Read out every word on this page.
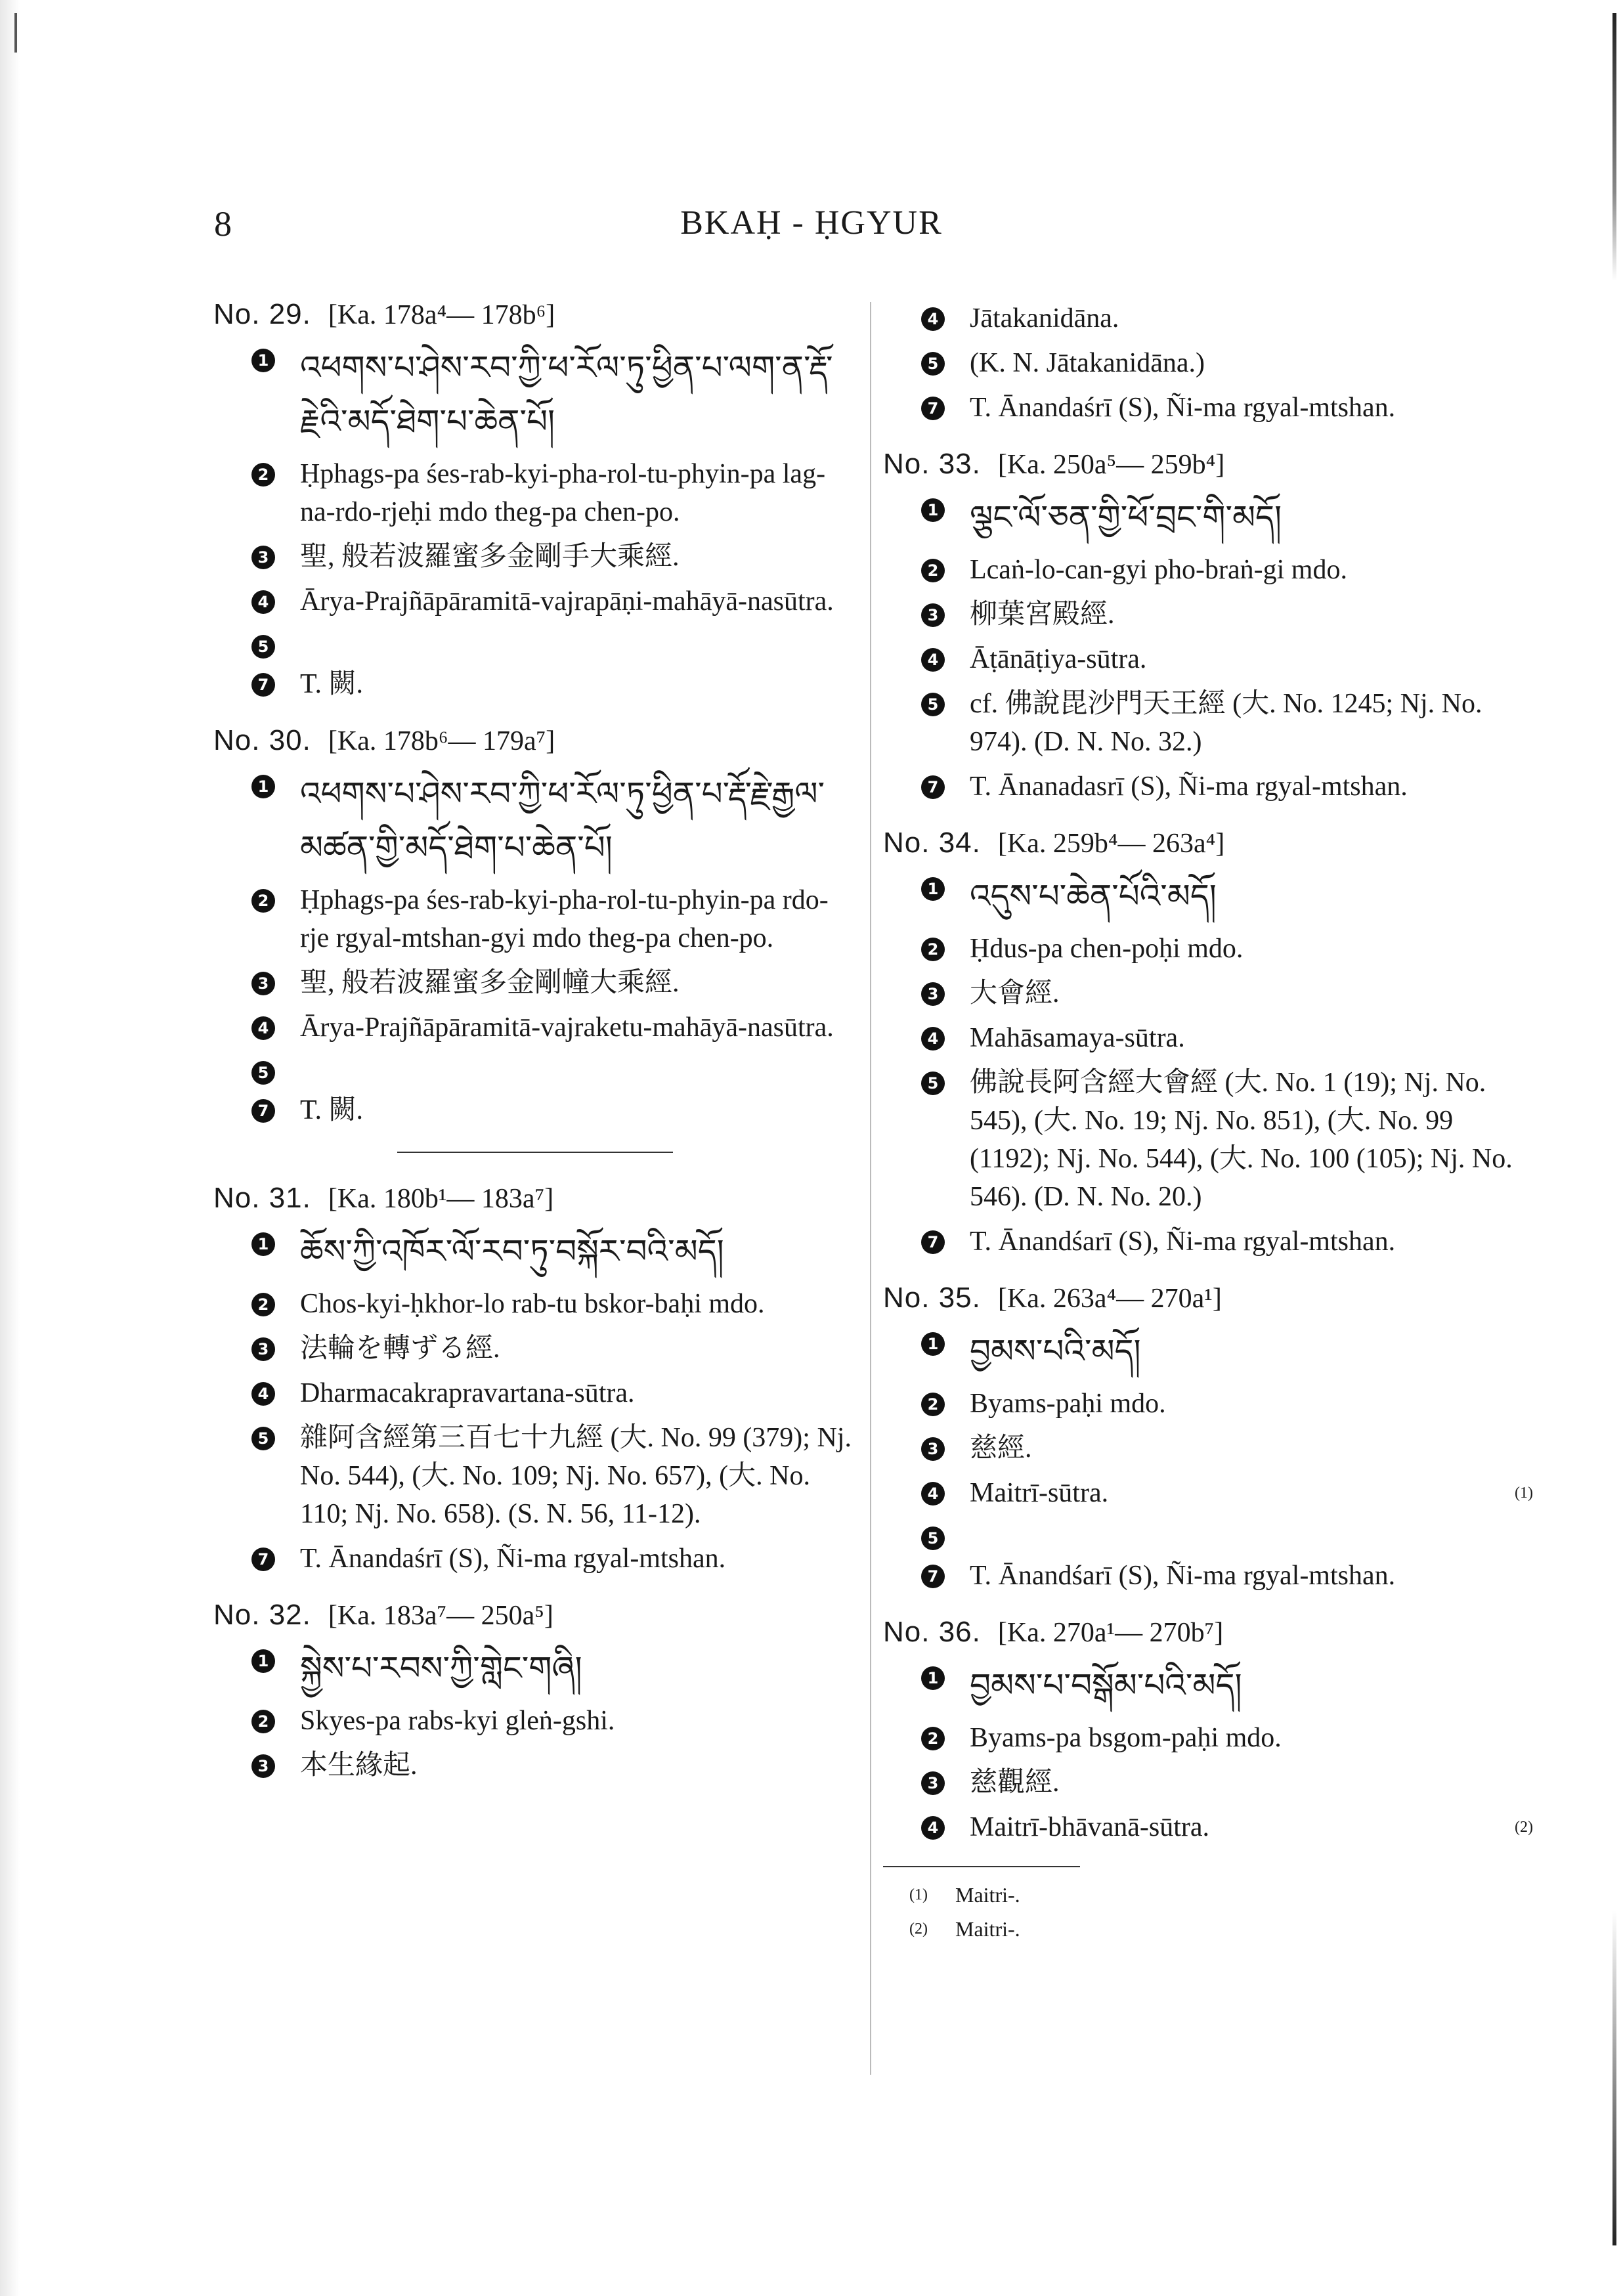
8	BKAḤ - ḤGYUR
No. 29. [Ka. 178a⁴— 178b⁶]
1 འཕགས་པ་ཤེས་རབ་ཀྱི་ཕ་རོལ་ཏུ་ཕྱིན་པ་ལག་ན་རྡོ་རྗེའི་མདོ་ཐེག་པ་ཆེན་པོ།
2 Ḥphags-pa śes-rab-kyi-pha-rol-tu-phyin-pa lag-na-rdo-rjeḥi mdo theg-pa chen-po.
3 聖, 般若波羅蜜多金剛手大乘經.
4 Ārya-Prajñāpāramitā-vajrapāṇi-mahāyā-nasūtra.
5
7 T. 闕.
No. 30. [Ka. 178b⁶— 179a⁷]
1 འཕགས་པ་ཤེས་རབ་ཀྱི་ཕ་རོལ་ཏུ་ཕྱིན་པ་རྡོ་རྗེ་རྒྱལ་མཚན་གྱི་མདོ་ཐེག་པ་ཆེན་པོ།
2 Ḥphags-pa śes-rab-kyi-pha-rol-tu-phyin-pa rdo-rje rgyal-mtshan-gyi mdo theg-pa chen-po.
3 聖, 般若波羅蜜多金剛幢大乘經.
4 Ārya-Prajñāpāramitā-vajraketu-mahāyā-nasūtra.
5
7 T. 闕.
No. 31. [Ka. 180b¹— 183a⁷]
1 ཆོས་ཀྱི་འཁོར་ལོ་རབ་ཏུ་བསྐོར་བའི་མདོ།
2 Chos-kyi-ḥkhor-lo rab-tu bskor-baḥi mdo.
3 法輪を轉ずる經.
4 Dharmacakrapravartana-sūtra.
5 雜阿含經第三百七十九經 (大. No. 99 (379); Nj. No. 544), (大. No. 109; Nj. No. 657), (大. No. 110; Nj. No. 658). (S. N. 56, 11-12).
7 T. Ānandaśrī (S), Ñi-ma rgyal-mtshan.
No. 32. [Ka. 183a⁷— 250a⁵]
1 སྐྱེས་པ་རབས་ཀྱི་གླེང་གཞི།
2 Skyes-pa rabs-kyi gleṅ-gshi.
3 本生緣起.
4 Jātakanidāna.
5 (K. N. Jātakanidāna.)
7 T. Ānandaśrī (S), Ñi-ma rgyal-mtshan.
No. 33. [Ka. 250a⁵— 259b⁴]
1 ལྕང་ལོ་ཅན་གྱི་ཕོ་བྲང་གི་མདོ།
2 Lcaṅ-lo-can-gyi pho-braṅ-gi mdo.
3 柳葉宮殿經.
4 Āṭānāṭiya-sūtra.
5 cf. 佛說毘沙門天王經 (大. No. 1245; Nj. No. 974). (D. N. No. 32.)
7 T. Ānanadasrī (S), Ñi-ma rgyal-mtshan.
No. 34. [Ka. 259b⁴— 263a⁴]
1 འདུས་པ་ཆེན་པོའི་མདོ།
2 Ḥdus-pa chen-poḥi mdo.
3 大會經.
4 Mahāsamaya-sūtra.
5 佛說長阿含經大會經 (大. No. 1 (19); Nj. No. 545), (大. No. 19; Nj. No. 851), (大. No. 99 (1192); Nj. No. 544), (大. No. 100 (105); Nj. No. 546). (D. N. No. 20.)
7 T. Ānandśarī (S), Ñi-ma rgyal-mtshan.
No. 35. [Ka. 263a⁴— 270a¹]
1 བྱམས་པའི་མདོ།
2 Byams-paḥi mdo.
3 慈經.
4 Maitrī-sūtra.	(1)
5
7 T. Ānandśarī (S), Ñi-ma rgyal-mtshan.
No. 36. [Ka. 270a¹— 270b⁷]
1 བྱམས་པ་བསྒོམ་པའི་མདོ།
2 Byams-pa bsgom-paḥi mdo.
3 慈觀經.
4 Maitrī-bhāvanā-sūtra.	(2)
(1)	Maitri-.
(2)	Maitri-.
